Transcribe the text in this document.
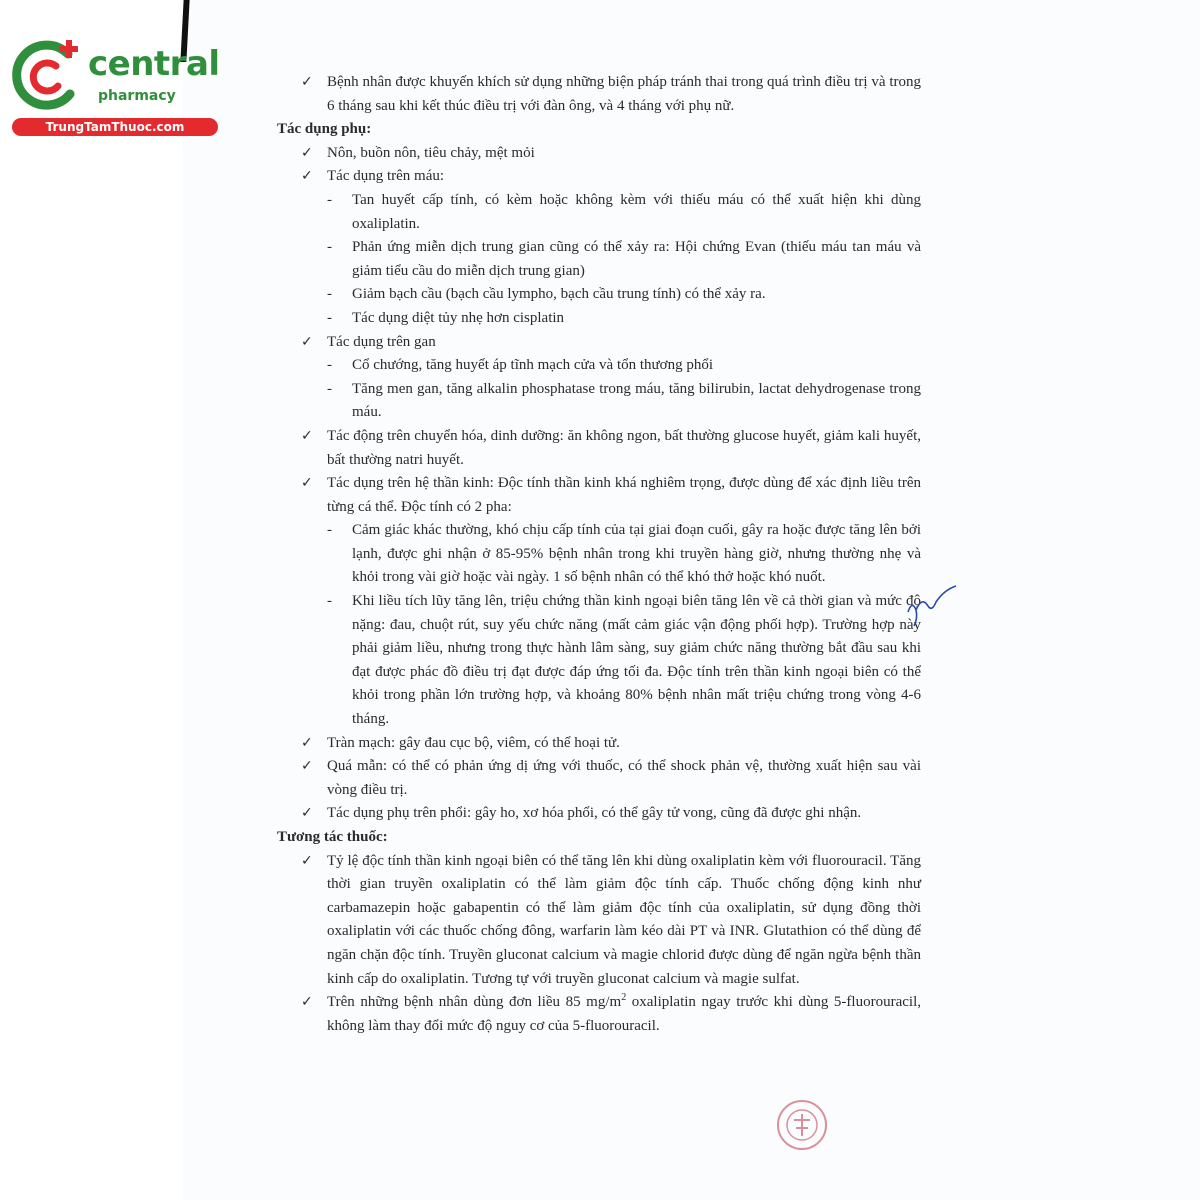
central
pharmacy
TrungTamThuoc.com

✓ Bệnh nhân được khuyến khích sử dụng những biện pháp tránh thai trong quá trình điều trị và trong 6 tháng sau khi kết thúc điều trị với đàn ông, và 4 tháng với phụ nữ.

Tác dụng phụ:

✓ Nôn, buồn nôn, tiêu chảy, mệt mỏi

✓ Tác dụng trên máu:

- Tan huyết cấp tính, có kèm hoặc không kèm với thiếu máu có thể xuất hiện khi dùng oxaliplatin.

- Phản ứng miễn dịch trung gian cũng có thể xảy ra: Hội chứng Evan (thiếu máu tan máu và giảm tiểu cầu do miễn dịch trung gian)

- Giảm bạch cầu (bạch cầu lympho, bạch cầu trung tính) có thể xảy ra.

- Tác dụng diệt tủy nhẹ hơn cisplatin

✓ Tác dụng trên gan

- Cổ chướng, tăng huyết áp tĩnh mạch cửa và tổn thương phổi

- Tăng men gan, tăng alkalin phosphatase trong máu, tăng bilirubin, lactat dehydrogenase trong máu.

✓ Tác động trên chuyển hóa, dinh dưỡng: ăn không ngon, bất thường glucose huyết, giảm kali huyết, bất thường natri huyết.

✓ Tác dụng trên hệ thần kinh: Độc tính thần kinh khá nghiêm trọng, được dùng để xác định liều trên từng cá thể. Độc tính có 2 pha:

- Cảm giác khác thường, khó chịu cấp tính của tại giai đoạn cuối, gây ra hoặc được tăng lên bởi lạnh, được ghi nhận ở 85-95% bệnh nhân trong khi truyền hàng giờ, nhưng thường nhẹ và khỏi trong vài giờ hoặc vài ngày. 1 số bệnh nhân có thể khó thở hoặc khó nuốt.

- Khi liều tích lũy tăng lên, triệu chứng thần kinh ngoại biên tăng lên về cả thời gian và mức độ nặng: đau, chuột rút, suy yếu chức năng (mất cảm giác vận động phối hợp). Trường hợp này phải giảm liều, nhưng trong thực hành lâm sàng, suy giảm chức năng thường bắt đầu sau khi đạt được phác đồ điều trị đạt được đáp ứng tối đa. Độc tính trên thần kinh ngoại biên có thể khỏi trong phần lớn trường hợp, và khoảng 80% bệnh nhân mất triệu chứng trong vòng 4-6 tháng.

✓ Tràn mạch: gây đau cục bộ, viêm, có thể hoại tử.

✓ Quá mẫn: có thể có phản ứng dị ứng với thuốc, có thể shock phản vệ, thường xuất hiện sau vài vòng điều trị.

✓ Tác dụng phụ trên phổi: gây ho, xơ hóa phổi, có thể gây tử vong, cũng đã được ghi nhận.

Tương tác thuốc:

✓ Tỷ lệ độc tính thần kinh ngoại biên có thể tăng lên khi dùng oxaliplatin kèm với fluorouracil. Tăng thời gian truyền oxaliplatin có thể làm giảm độc tính cấp. Thuốc chống động kinh như carbamazepin hoặc gabapentin có thể làm giảm độc tính của oxaliplatin, sử dụng đồng thời oxaliplatin với các thuốc chống đông, warfarin làm kéo dài PT và INR. Glutathion có thể dùng để ngăn chặn độc tính. Truyền gluconat calcium và magie chlorid được dùng để ngăn ngừa bệnh thần kinh cấp do oxaliplatin. Tương tự với truyền gluconat calcium và magie sulfat.

✓ Trên những bệnh nhân dùng đơn liều 85 $mg/m^2$ oxaliplatin ngay trước khi dùng 5-fluorouracil, không làm thay đổi mức độ nguy cơ của 5-fluorouracil.
